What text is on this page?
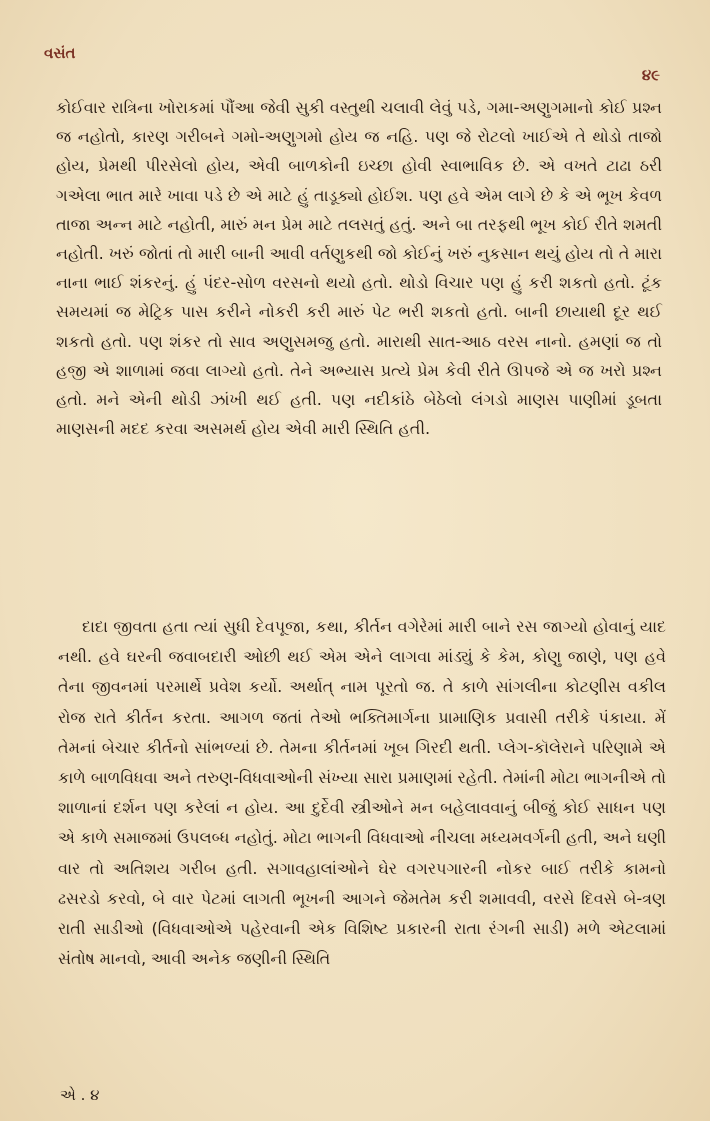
વસંત
૪૯

કોઈવાર રાત્રિના ખોરાકમાં પૌંઆ જેવી સુકી વસ્તુથી ચલાવી લેવું પડે, ગમા-અણુગમાનો કોઈ પ્રશ્ન જ નહોતો, કારણ ગરીબને ગમો-અણુગમો હોય જ નહિ. પણ જે રોટલો ખાઈએ તે થોડો તાજો હોય, પ્રેમથી પીરસેલો હોય, એવી બાળકોની ઇચ્છા હોવી સ્વાભાવિક છે. એ વખતે ટાઢા ઠરી ગએલા ભાત મારે ખાવા પડે છે એ માટે હું તાડૂક્યો હોઈશ. પણ હવે એમ લાગે છે કે એ ભૂખ કેવળ તાજા અન્ન માટે નહોતી, મારું મન પ્રેમ માટે તલસતું હતું. અને બા તરફથી ભૂખ કોઈ રીતે શમતી નહોતી. ખરું જોતાં તો મારી બાની આવી વર્તણુકથી જો કોઈનું ખરું નુકસાન થયું હોય તો તે મારા નાના ભાઈ શંકરનું. હું પંદર-સોળ વરસનો થયો હતો. થોડો વિચાર પણ હું કરી શકતો હતો. ટૂંક સમયમાં જ મેટ્રિક પાસ કરીને નોકરી કરી મારું પેટ ભરી શકતો હતો. બાની છાયાથી દૂર થઈ શકતો હતો. પણ શંકર તો સાવ અણુસમજુ હતો. મારાથી સાત-આઠ વરસ નાનો. હમણાં જ તો હજી એ શાળામાં જવા લાગ્યો હતો. તેને અભ્યાસ પ્રત્યે પ્રેમ કેવી રીતે ઊપજે એ જ ખરો પ્રશ્ન હતો. મને એની થોડી ઝાંખી થઈ હતી. પણ નદીકાંઠે બેઠેલો લંગડો માણસ પાણીમાં ડૂબતા માણસની મદદ કરવા અસમર્થ હોય એવી મારી સ્થિતિ હતી.

દાદા જીવતા હતા ત્યાં સુધી દેવપૂજા, કથા, કીર્તન વગેરેમાં મારી બાને રસ જાગ્યો હોવાનું યાદ નથી. હવે ઘરની જવાબદારી ઓછી થઈ એમ એને લાગવા માંડ્યું કે કેમ, કોણુ જાણે, પણ હવે તેના જીવનમાં પરમાર્થે પ્રવેશ કર્યો. અર્થાત્ નામ પૂરતો જ. તે કાળે સાંગલીના કોટણીસ વકીલ રોજ રાતે કીર્તન કરતા. આગળ જતાં તેઓ ભક્તિમાર્ગના પ્રામાણિક પ્રવાસી તરીકે પંકાયા. મેં તેમનાં બેચાર કીર્તનો સાંભળ્યાં છે. તેમના કીર્તનમાં ખૂબ ગિરદી થતી. પ્લેગ-કૉલેરાને પરિણામે એ કાળે બાળવિધવા અને તરુણ-વિધવાઓની સંખ્યા સારા પ્રમાણમાં રહેતી. તેમાંની મોટા ભાગનીએ તો શાળાનાં દર્શન પણ કરેલાં ન હોય. આ દુર્દેવી સ્ત્રીઓને મન બહેલાવવાનું બીજું કોઈ સાધન પણ એ કાળે સમાજમાં ઉપલબ્ધ નહોતું. મોટા ભાગની વિધવાઓ નીચલા મધ્યમવર્ગની હતી, અને ઘણી વાર તો અતિશય ગરીબ હતી. સગાવહાલાંઓને ઘેર વગરપગારની નોકર બાઈ તરીકે કામનો ઢસરડો કરવો, બે વાર પેટમાં લાગતી ભૂખની આગને જેમતેમ કરી શમાવવી, વરસે દિવસે બે-ત્રણ રાતી સાડીઓ (વિધવાઓએ પહેરવાની એક વિશિષ્ટ પ્રકારની રાતા રંગની સાડી) મળે એટલામાં સંતોષ માનવો, આવી અનેક જણીની સ્થિતિ

એ . ૪
